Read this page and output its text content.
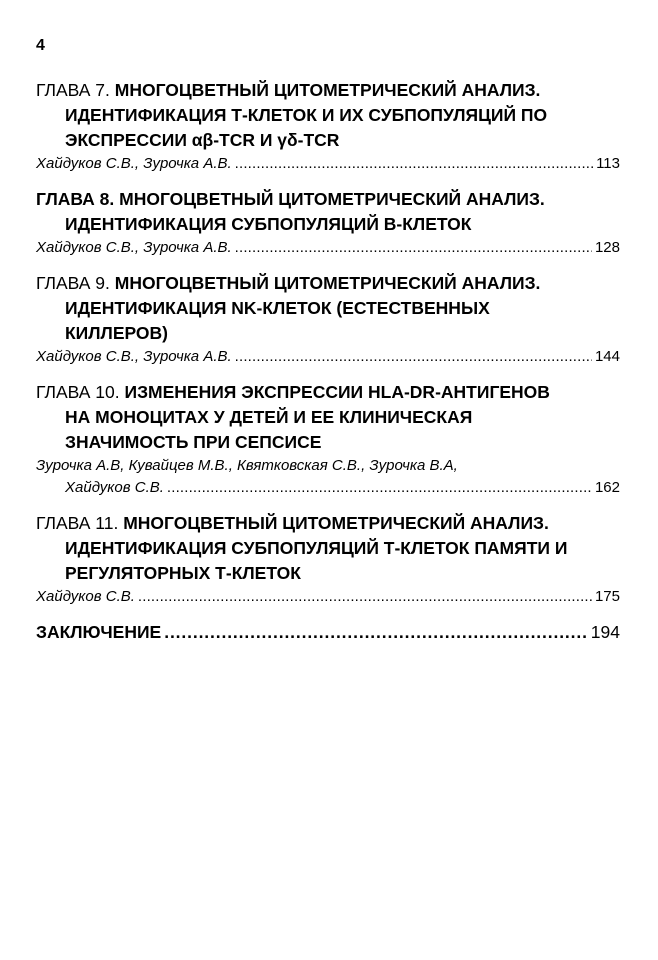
4
ГЛАВА 7. МНОГОЦВЕТНЫЙ ЦИТОМЕТРИЧЕСКИЙ АНАЛИЗ.
ИДЕНТИФИКАЦИЯ Т-КЛЕТОК И ИХ СУБПОПУЛЯЦИЙ ПО
ЭКСПРЕССИИ αβ-TCR И γδ-TCR
Хайдуков С.В., Зурочка А.В. . . .	113
ГЛАВА 8. МНОГОЦВЕТНЫЙ ЦИТОМЕТРИЧЕСКИЙ АНАЛИЗ.
ИДЕНТИФИКАЦИЯ СУБПОПУЛЯЦИЙ В-КЛЕТОК
Хайдуков С.В., Зурочка А.В. . . .	128
ГЛАВА 9. МНОГОЦВЕТНЫЙ ЦИТОМЕТРИЧЕСКИЙ АНАЛИЗ.
ИДЕНТИФИКАЦИЯ NK-КЛЕТОК (ЕСТЕСТВЕННЫХ
КИЛЛЕРОВ)
Хайдуков С.В., Зурочка А.В. . . .	144
ГЛАВА 10. ИЗМЕНЕНИЯ ЭКСПРЕССИИ HLA-DR-АНТИГЕНОВ
НА МОНОЦИТАХ У ДЕТЕЙ И ЕЕ КЛИНИЧЕСКАЯ
ЗНАЧИМОСТЬ ПРИ СЕПСИСЕ
Зурочка А.В, Кувайцев М.В., Квятковская С.В., Зурочка В.А,
Хайдуков С.В. . . .	162
ГЛАВА 11. МНОГОЦВЕТНЫЙ ЦИТОМЕТРИЧЕСКИЙ АНАЛИЗ.
ИДЕНТИФИКАЦИЯ СУБПОПУЛЯЦИЙ Т-КЛЕТОК ПАМЯТИ И
РЕГУЛЯТОРНЫХ Т-КЛЕТОК
Хайдуков С.В. . . .	175
ЗАКЛЮЧЕНИЕ . . .	194
